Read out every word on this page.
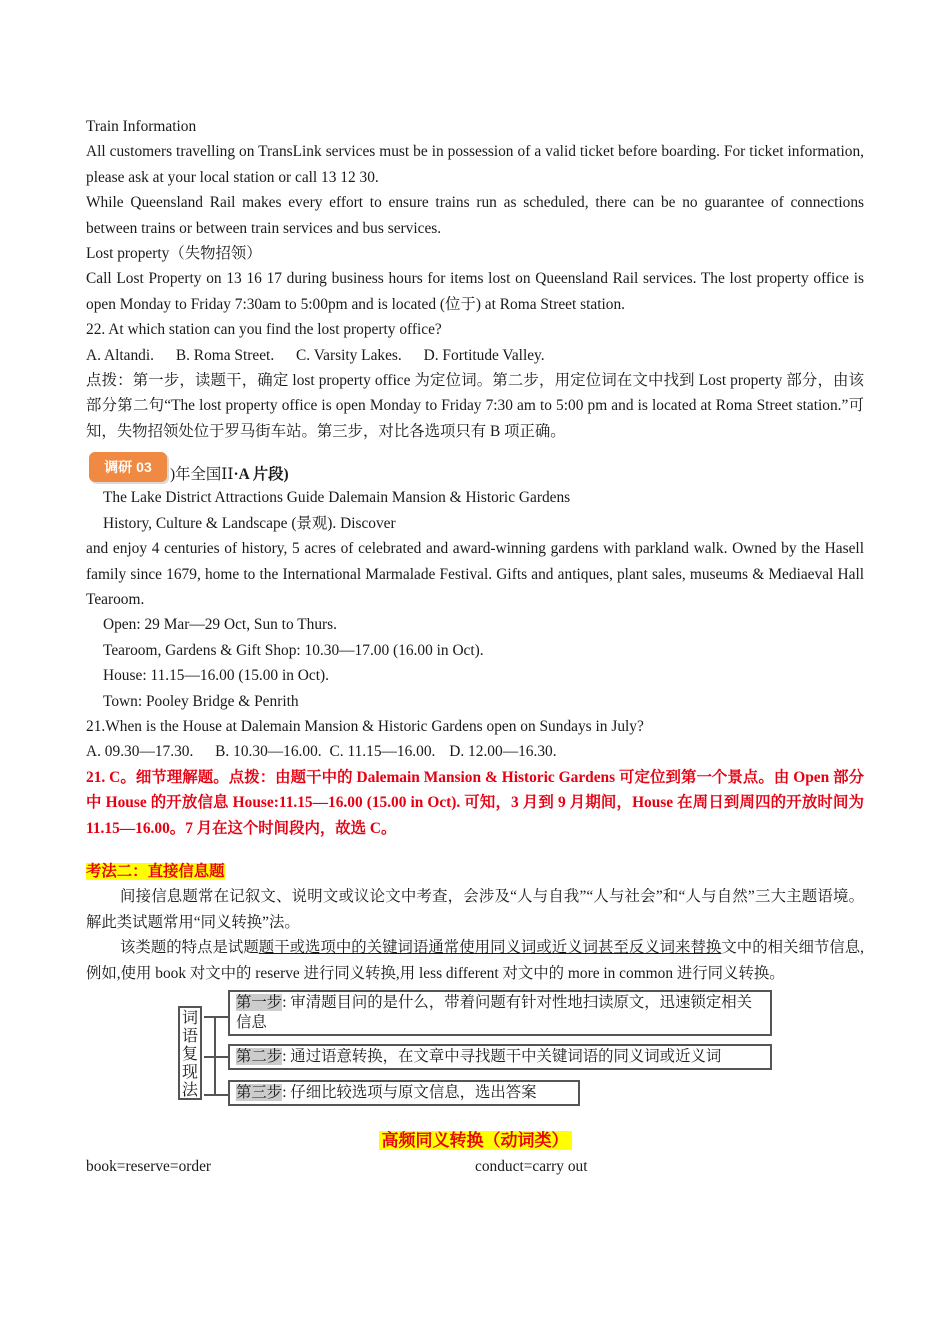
Train Information

All customers travelling on TransLink services must be in possession of a valid ticket before boarding. For ticket information, please ask at your local station or call 13 12 30.

While Queensland Rail makes every effort to ensure trains run as scheduled, there can be no guarantee of connections between trains or between train services and bus services.

Lost property（失物招领）

Call Lost Property on 13 16 17 during business hours for items lost on Queensland Rail services. The lost property office is open Monday to Friday 7:30am to 5:00pm and is located (位于) at Roma Street station.

22. At which station can you find the lost property office?

A. Altandi. B. Roma Street. C. Varsity Lakes. D. Fortitude Valley.

点拨：第一步，读题干，确定 lost property office 为定位词。第二步，用定位词在文中找到 Lost property 部分，由该部分第二句“The lost property office is open Monday to Friday 7:30 am to 5:00 pm and is located at Roma Street station.”可知，失物招领处位于罗马街车站。第三步，对比各选项只有 B 项正确。

调研 03	)年全国ⅠⅠ·A 片段)

The Lake District Attractions Guide Dalemain Mansion & Historic Gardens

History, Culture & Landscape (景观). Discover

and enjoy 4 centuries of history, 5 acres of celebrated and award-winning gardens with parkland walk. Owned by the Hasell family since 1679, home to the International Marmalade Festival. Gifts and antiques, plant sales, museums & Mediaeval Hall Tearoom.

Open: 29 Mar—29 Oct, Sun to Thurs.

Tearoom, Gardens & Gift Shop: 10.30—17.00 (16.00 in Oct).

House: 11.15—16.00 (15.00 in Oct).

Town: Pooley Bridge & Penrith

21.When is the House at Dalemain Mansion & Historic Gardens open on Sundays in July?

A. 09.30—17.30. B. 10.30—16.00. C. 11.15—16.00. D. 12.00—16.30.

21. C。细节理解题。点拨：由题干中的 Dalemain Mansion & Historic Gardens 可定位到第一个景点。由 Open 部分中 House 的开放信息 House:11.15—16.00 (15.00 in Oct). 可知，3 月到 9 月期间，House 在周日到周四的开放时间为 11.15—16.00。7 月在这个时间段内，故选 C。

考法二：直接信息题

间接信息题常在记叙文、说明文或议论文中考查，会涉及“人与自我”“人与社会”和“人与自然”三大主题语境。解此类试题常用“同义转换”法。

该类题的特点是试题题干或选项中的关键词语通常使用同义词或近义词甚至反义词来替换文中的相关细节信息,例如,使用 book 对文中的 reserve 进行同义转换,用 less different 对文中的 more in common 进行同义转换。

词语复现法
第一步: 审清题目问的是什么，带着问题有针对性地扫读原文，迅速锁定相关信息
第二步: 通过语意转换，在文章中寻找题干中关键词语的同义词或近义词
第三步: 仔细比较选项与原文信息，选出答案
高频同义转换（动词类）
book=reserve=order	conduct=carry out
